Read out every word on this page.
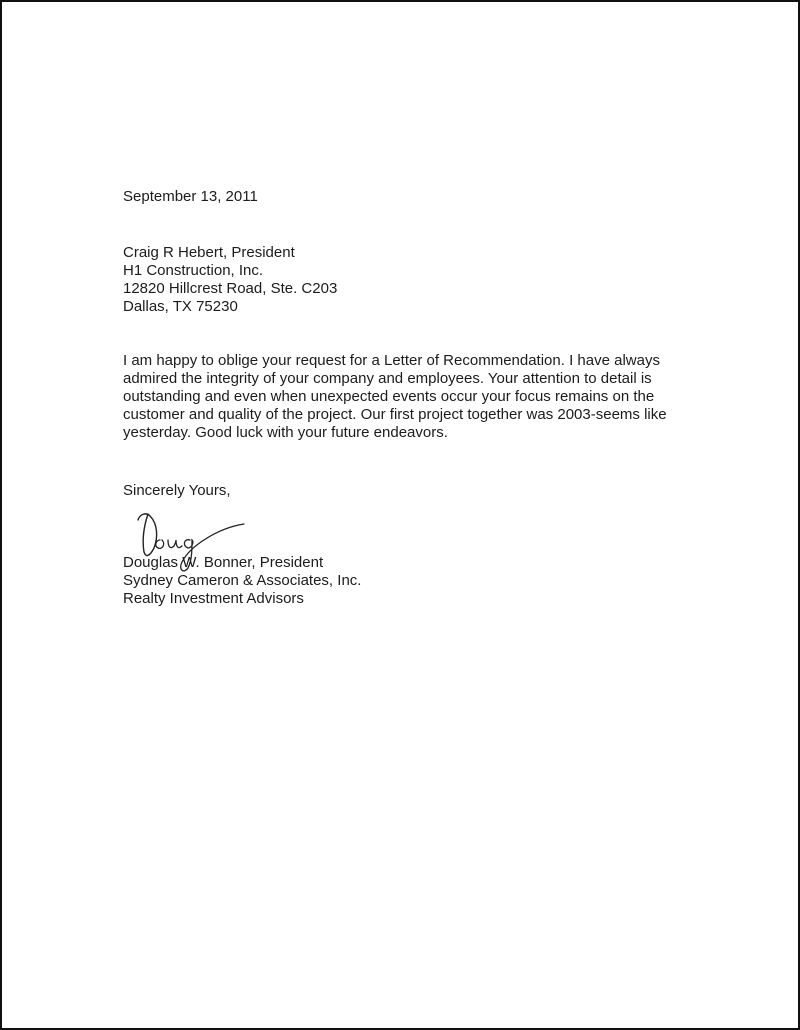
September 13, 2011
Craig R Hebert, President
H1 Construction, Inc.
12820 Hillcrest Road, Ste. C203
Dallas, TX 75230
I am happy to oblige your request for a Letter of Recommendation. I have always
admired the integrity of your company and employees. Your attention to detail is
outstanding and even when unexpected events occur your focus remains on the
customer and quality of the project. Our first project together was 2003-seems like
yesterday. Good luck with your future endeavors.
Sincerely Yours,
Douglas W. Bonner, President
Sydney Cameron & Associates, Inc.
Realty Investment Advisors
